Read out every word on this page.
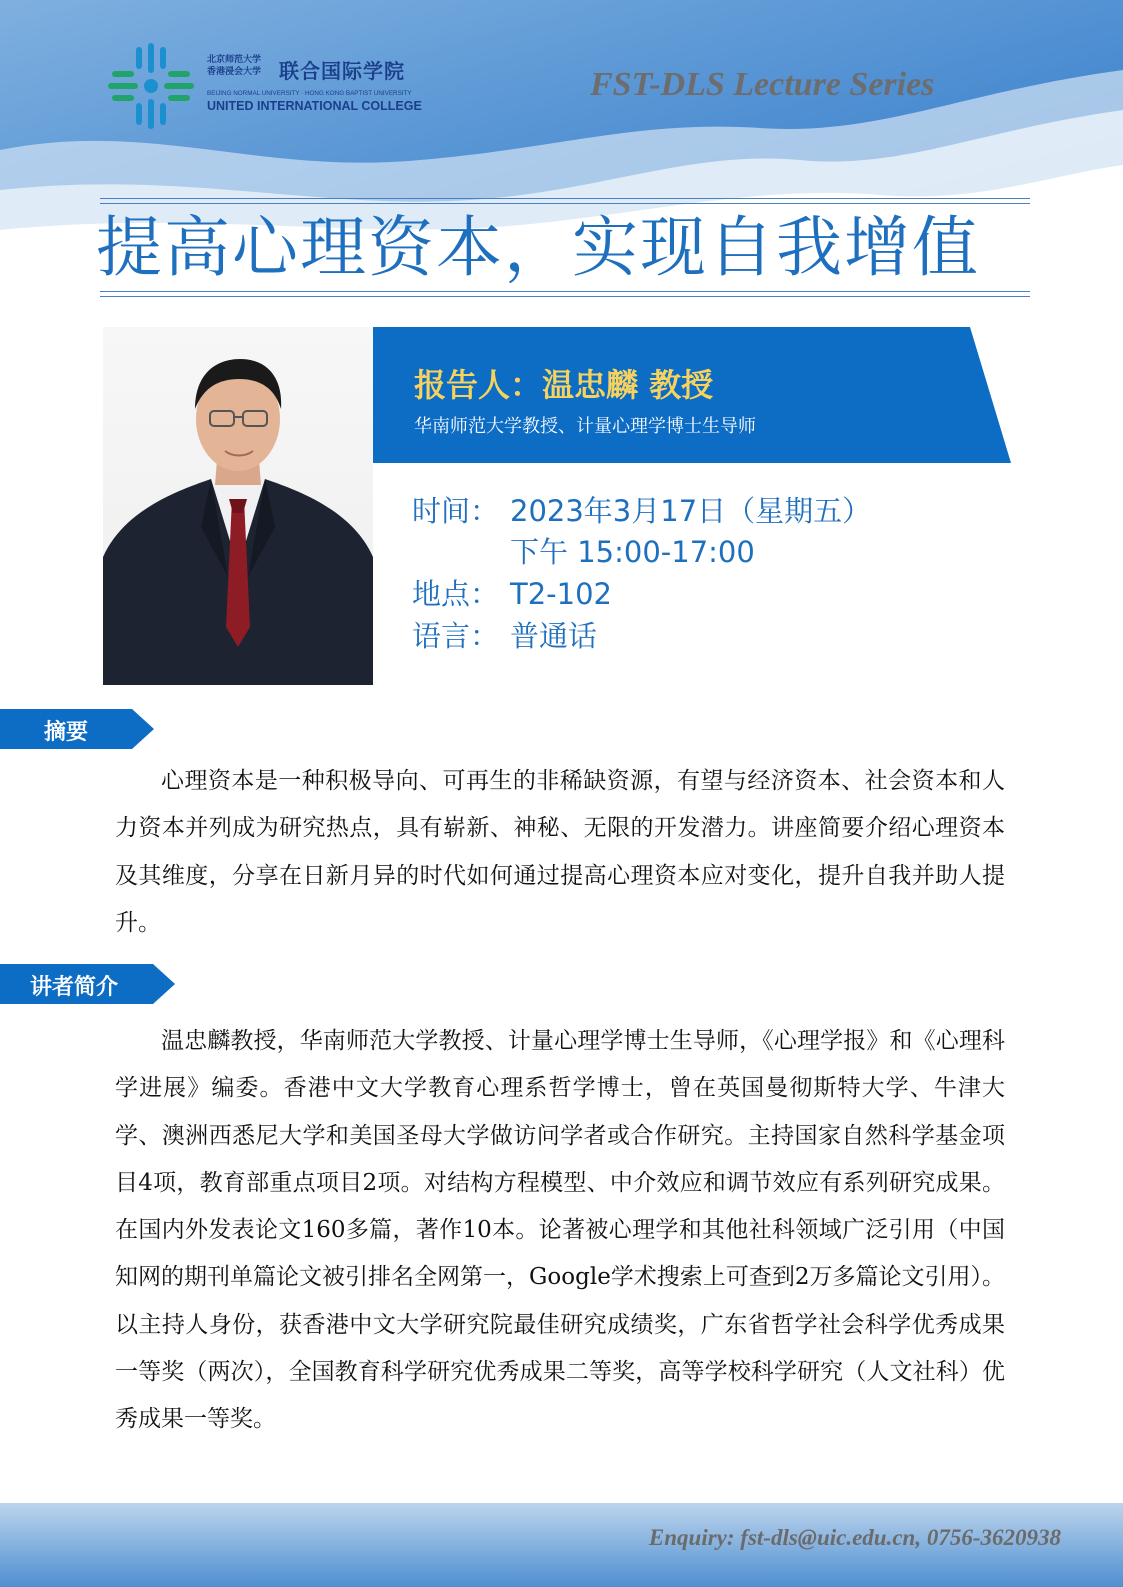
北京师范大学
香港浸会大学 联合国际学院
BEIJING NORMAL UNIVERSITY · HONG KONG BAPTIST UNIVERSITY
UNITED INTERNATIONAL COLLEGE
FST-DLS Lecture Series
提高心理资本，实现自我增值
报告人：温忠麟 教授
华南师范大学教授、计量心理学博士生导师
时间： 2023年3月17日（星期五）
下午 15:00-17:00
地点： T2-102
语言： 普通话
摘要

心理资本是一种积极导向、可再生的非稀缺资源，有望与经济资本、社会资本和人力资本并列成为研究热点，具有崭新、神秘、无限的开发潜力。讲座简要介绍心理资本及其维度，分享在日新月异的时代如何通过提高心理资本应对变化，提升自我并助人提升。

讲者简介

温忠麟教授，华南师范大学教授、计量心理学博士生导师，《心理学报》和《心理科学进展》编委。香港中文大学教育心理系哲学博士，曾在英国曼彻斯特大学、牛津大学、澳洲西悉尼大学和美国圣母大学做访问学者或合作研究。主持国家自然科学基金项目4项，教育部重点项目2项。对结构方程模型、中介效应和调节效应有系列研究成果。在国内外发表论文160多篇，著作10本。论著被心理学和其他社科领域广泛引用（中国知网的期刊单篇论文被引排名全网第一，Google学术搜索上可查到2万多篇论文引用）。以主持人身份，获香港中文大学研究院最佳研究成绩奖，广东省哲学社会科学优秀成果一等奖（两次），全国教育科学研究优秀成果二等奖，高等学校科学研究（人文社科）优秀成果一等奖。

Enquiry: fst-dls@uic.edu.cn, 0756-3620938
